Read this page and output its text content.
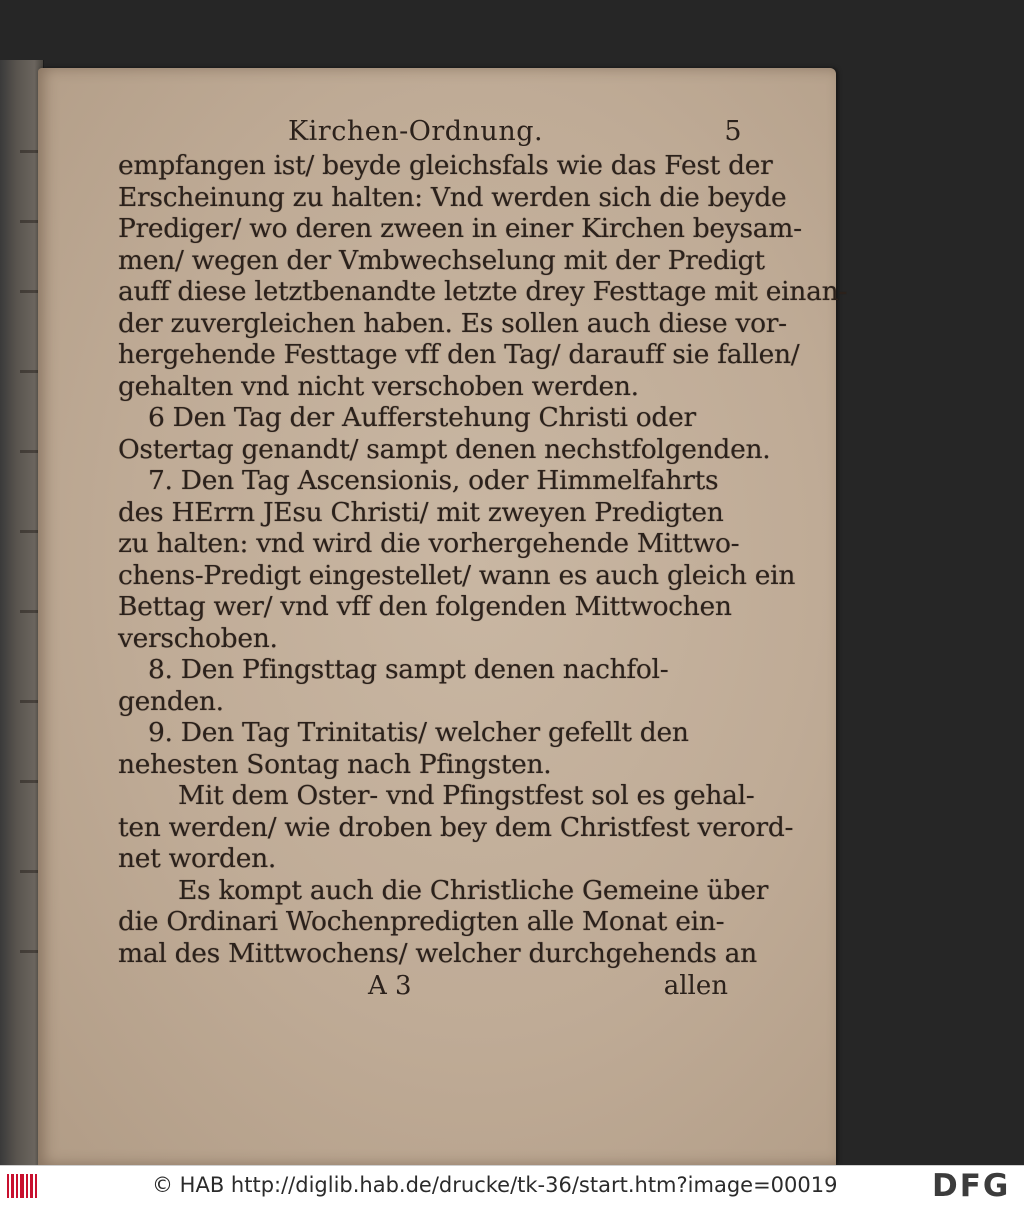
Kirchen-Ordnung.	5
empfangen ist/ beyde gleichsfals wie das Fest der
Erscheinung zu halten: Vnd werden sich die beyde
Prediger/ wo deren zween in einer Kirchen beysam-
men/ wegen der Vmbwechselung mit der Predigt
auff diese letztbenandte letzte drey Festtage mit einan-
der zuvergleichen haben. Es sollen auch diese vor-
hergehende Festtage vff den Tag/ darauff sie fallen/
gehalten vnd nicht verschoben werden.
6 Den Tag der Aufferstehung Christi oder
Ostertag genandt/ sampt denen nechstfolgenden.
7. Den Tag Ascensionis, oder Himmelfahrts
des HErrn JEsu Christi/ mit zweyen Predigten
zu halten: vnd wird die vorhergehende Mittwo-
chens-Predigt eingestellet/ wann es auch gleich ein
Bettag wer/ vnd vff den folgenden Mittwochen
verschoben.
8. Den Pfingsttag sampt denen nachfol-
genden.
9. Den Tag Trinitatis/ welcher gefellt den
nehesten Sontag nach Pfingsten.
Mit dem Oster- vnd Pfingstfest sol es gehal-
ten werden/ wie droben bey dem Christfest verord-
net worden.
Es kompt auch die Christliche Gemeine über
die Ordinari Wochenpredigten alle Monat ein-
mal des Mittwochens/ welcher durchgehends an
A 3	allen
© HAB http://diglib.hab.de/drucke/tk-36/start.htm?image=00019	DFG
